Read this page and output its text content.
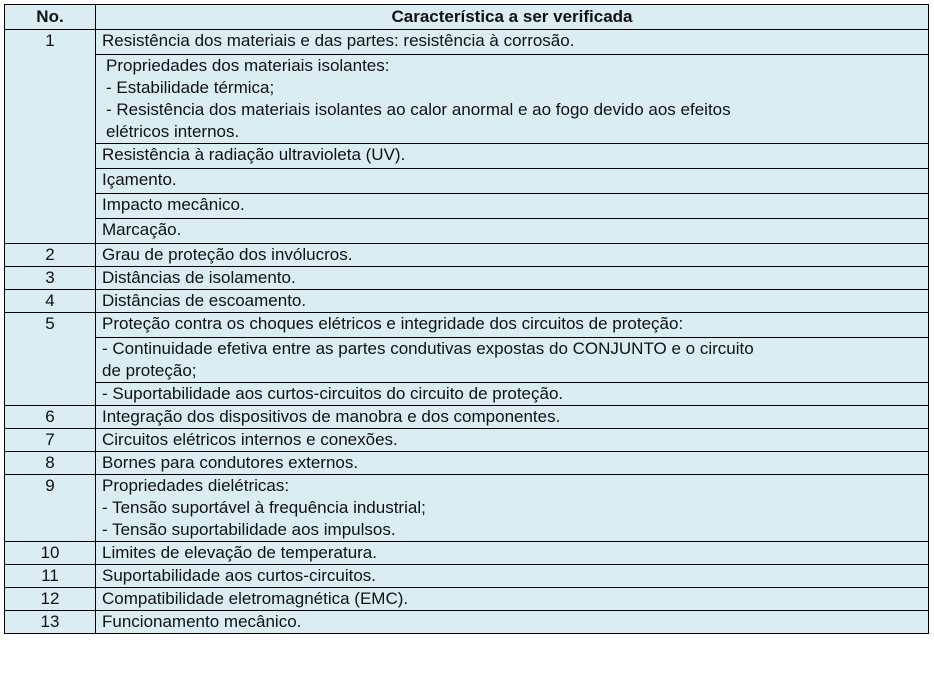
No.	Característica a ser verificada
1	Resistência dos materiais e das partes: resistência à corrosão.

	Propriedades dos materiais isolantes:
- Estabilidade térmica;
- Resistência dos materiais isolantes ao calor anormal e ao fogo devido aos efeitos
elétricos internos.

	Resistência à radiação ultravioleta (UV).

	Içamento.

	Impacto mecânico.

	Marcação.

2	Grau de proteção dos invólucros.

3	Distâncias de isolamento.

4	Distâncias de escoamento.

5	Proteção contra os choques elétricos e integridade dos circuitos de proteção:

	- Continuidade efetiva entre as partes condutivas expostas do CONJUNTO e o circuito
de proteção;

	- Suportabilidade aos curtos-circuitos do circuito de proteção.

6	Integração dos dispositivos de manobra e dos componentes.

7	Circuitos elétricos internos e conexões.

8	Bornes para condutores externos.

9	Propriedades dielétricas:
- Tensão suportável à frequência industrial;
- Tensão suportabilidade aos impulsos.

10	Limites de elevação de temperatura.

11	Suportabilidade aos curtos-circuitos.

12	Compatibilidade eletromagnética (EMC).

13	Funcionamento mecânico.
